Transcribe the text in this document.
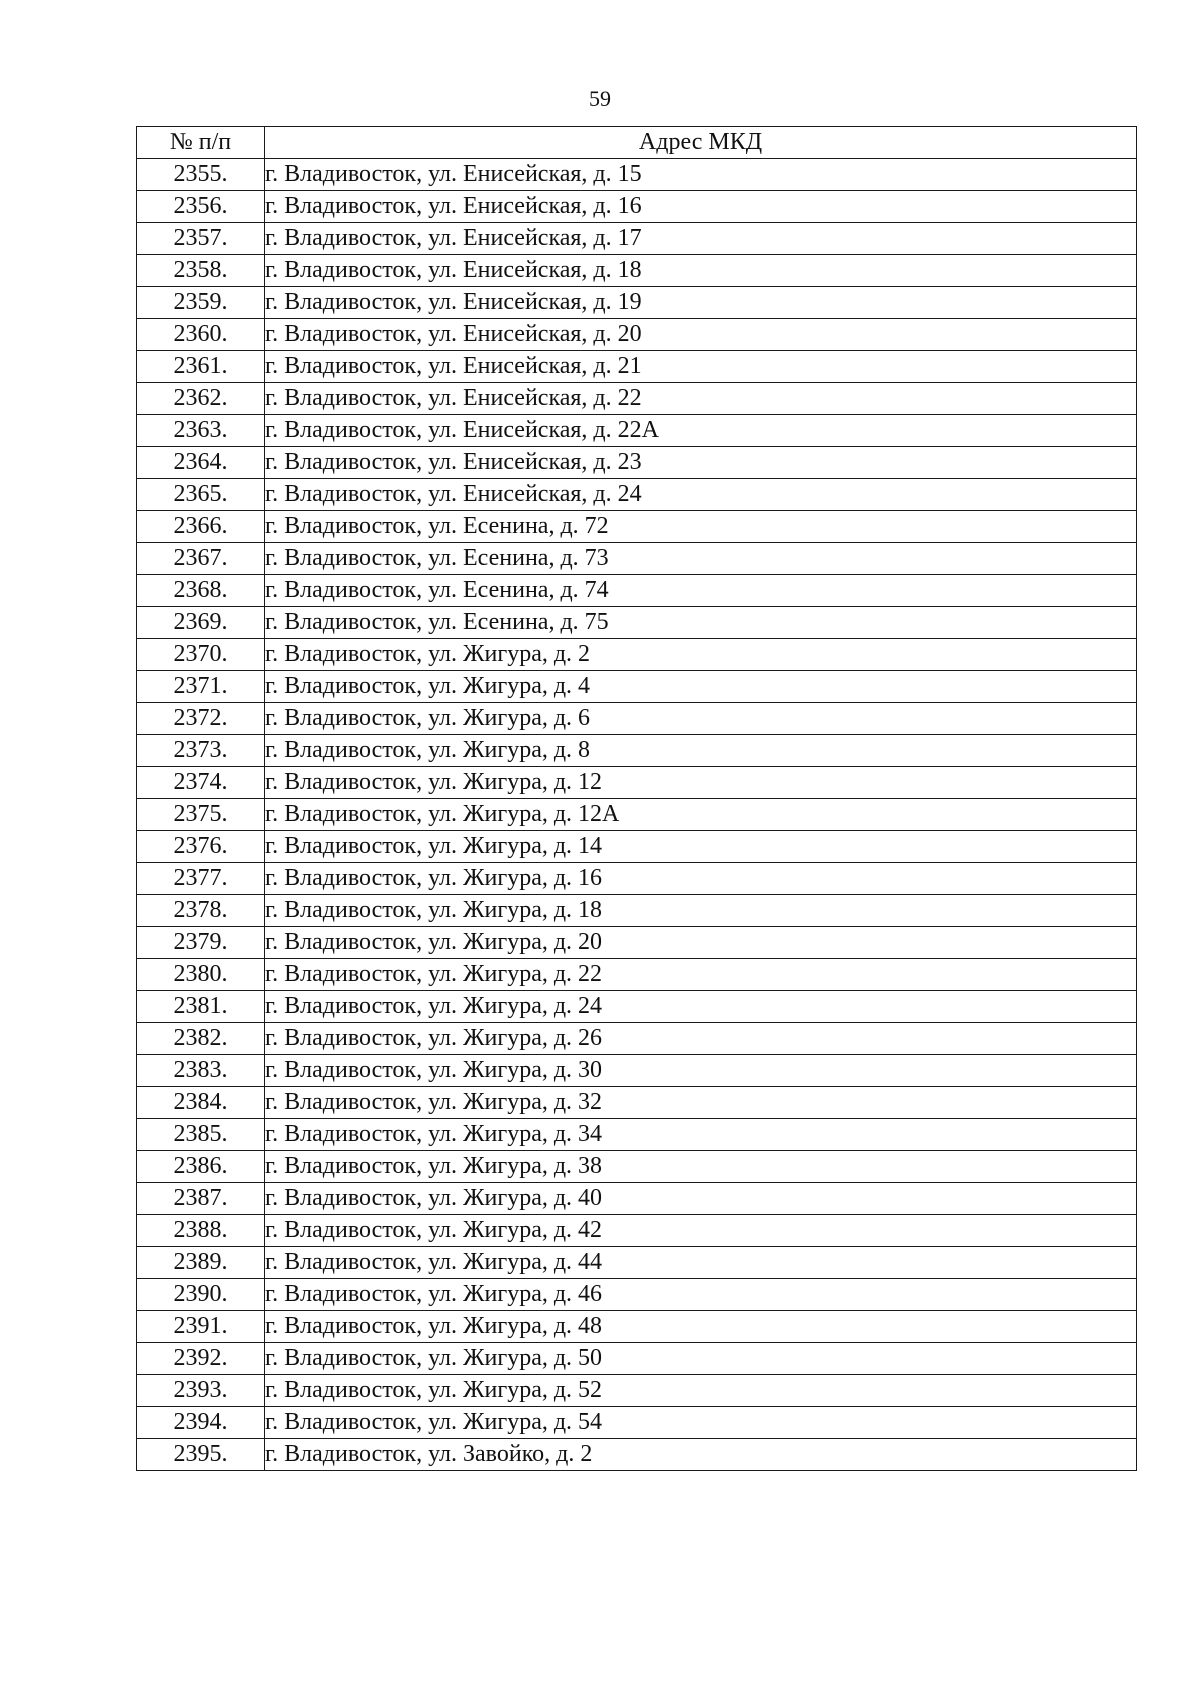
59
№ п/п	Адрес МКД
2355.	г. Владивосток, ул. Енисейская, д. 15
2356.	г. Владивосток, ул. Енисейская, д. 16
2357.	г. Владивосток, ул. Енисейская, д. 17
2358.	г. Владивосток, ул. Енисейская, д. 18
2359.	г. Владивосток, ул. Енисейская, д. 19
2360.	г. Владивосток, ул. Енисейская, д. 20
2361.	г. Владивосток, ул. Енисейская, д. 21
2362.	г. Владивосток, ул. Енисейская, д. 22
2363.	г. Владивосток, ул. Енисейская, д. 22А
2364.	г. Владивосток, ул. Енисейская, д. 23
2365.	г. Владивосток, ул. Енисейская, д. 24
2366.	г. Владивосток, ул. Есенина, д. 72
2367.	г. Владивосток, ул. Есенина, д. 73
2368.	г. Владивосток, ул. Есенина, д. 74
2369.	г. Владивосток, ул. Есенина, д. 75
2370.	г. Владивосток, ул. Жигура, д. 2
2371.	г. Владивосток, ул. Жигура, д. 4
2372.	г. Владивосток, ул. Жигура, д. 6
2373.	г. Владивосток, ул. Жигура, д. 8
2374.	г. Владивосток, ул. Жигура, д. 12
2375.	г. Владивосток, ул. Жигура, д. 12А
2376.	г. Владивосток, ул. Жигура, д. 14
2377.	г. Владивосток, ул. Жигура, д. 16
2378.	г. Владивосток, ул. Жигура, д. 18
2379.	г. Владивосток, ул. Жигура, д. 20
2380.	г. Владивосток, ул. Жигура, д. 22
2381.	г. Владивосток, ул. Жигура, д. 24
2382.	г. Владивосток, ул. Жигура, д. 26
2383.	г. Владивосток, ул. Жигура, д. 30
2384.	г. Владивосток, ул. Жигура, д. 32
2385.	г. Владивосток, ул. Жигура, д. 34
2386.	г. Владивосток, ул. Жигура, д. 38
2387.	г. Владивосток, ул. Жигура, д. 40
2388.	г. Владивосток, ул. Жигура, д. 42
2389.	г. Владивосток, ул. Жигура, д. 44
2390.	г. Владивосток, ул. Жигура, д. 46
2391.	г. Владивосток, ул. Жигура, д. 48
2392.	г. Владивосток, ул. Жигура, д. 50
2393.	г. Владивосток, ул. Жигура, д. 52
2394.	г. Владивосток, ул. Жигура, д. 54
2395.	г. Владивосток, ул. Завойко, д. 2
